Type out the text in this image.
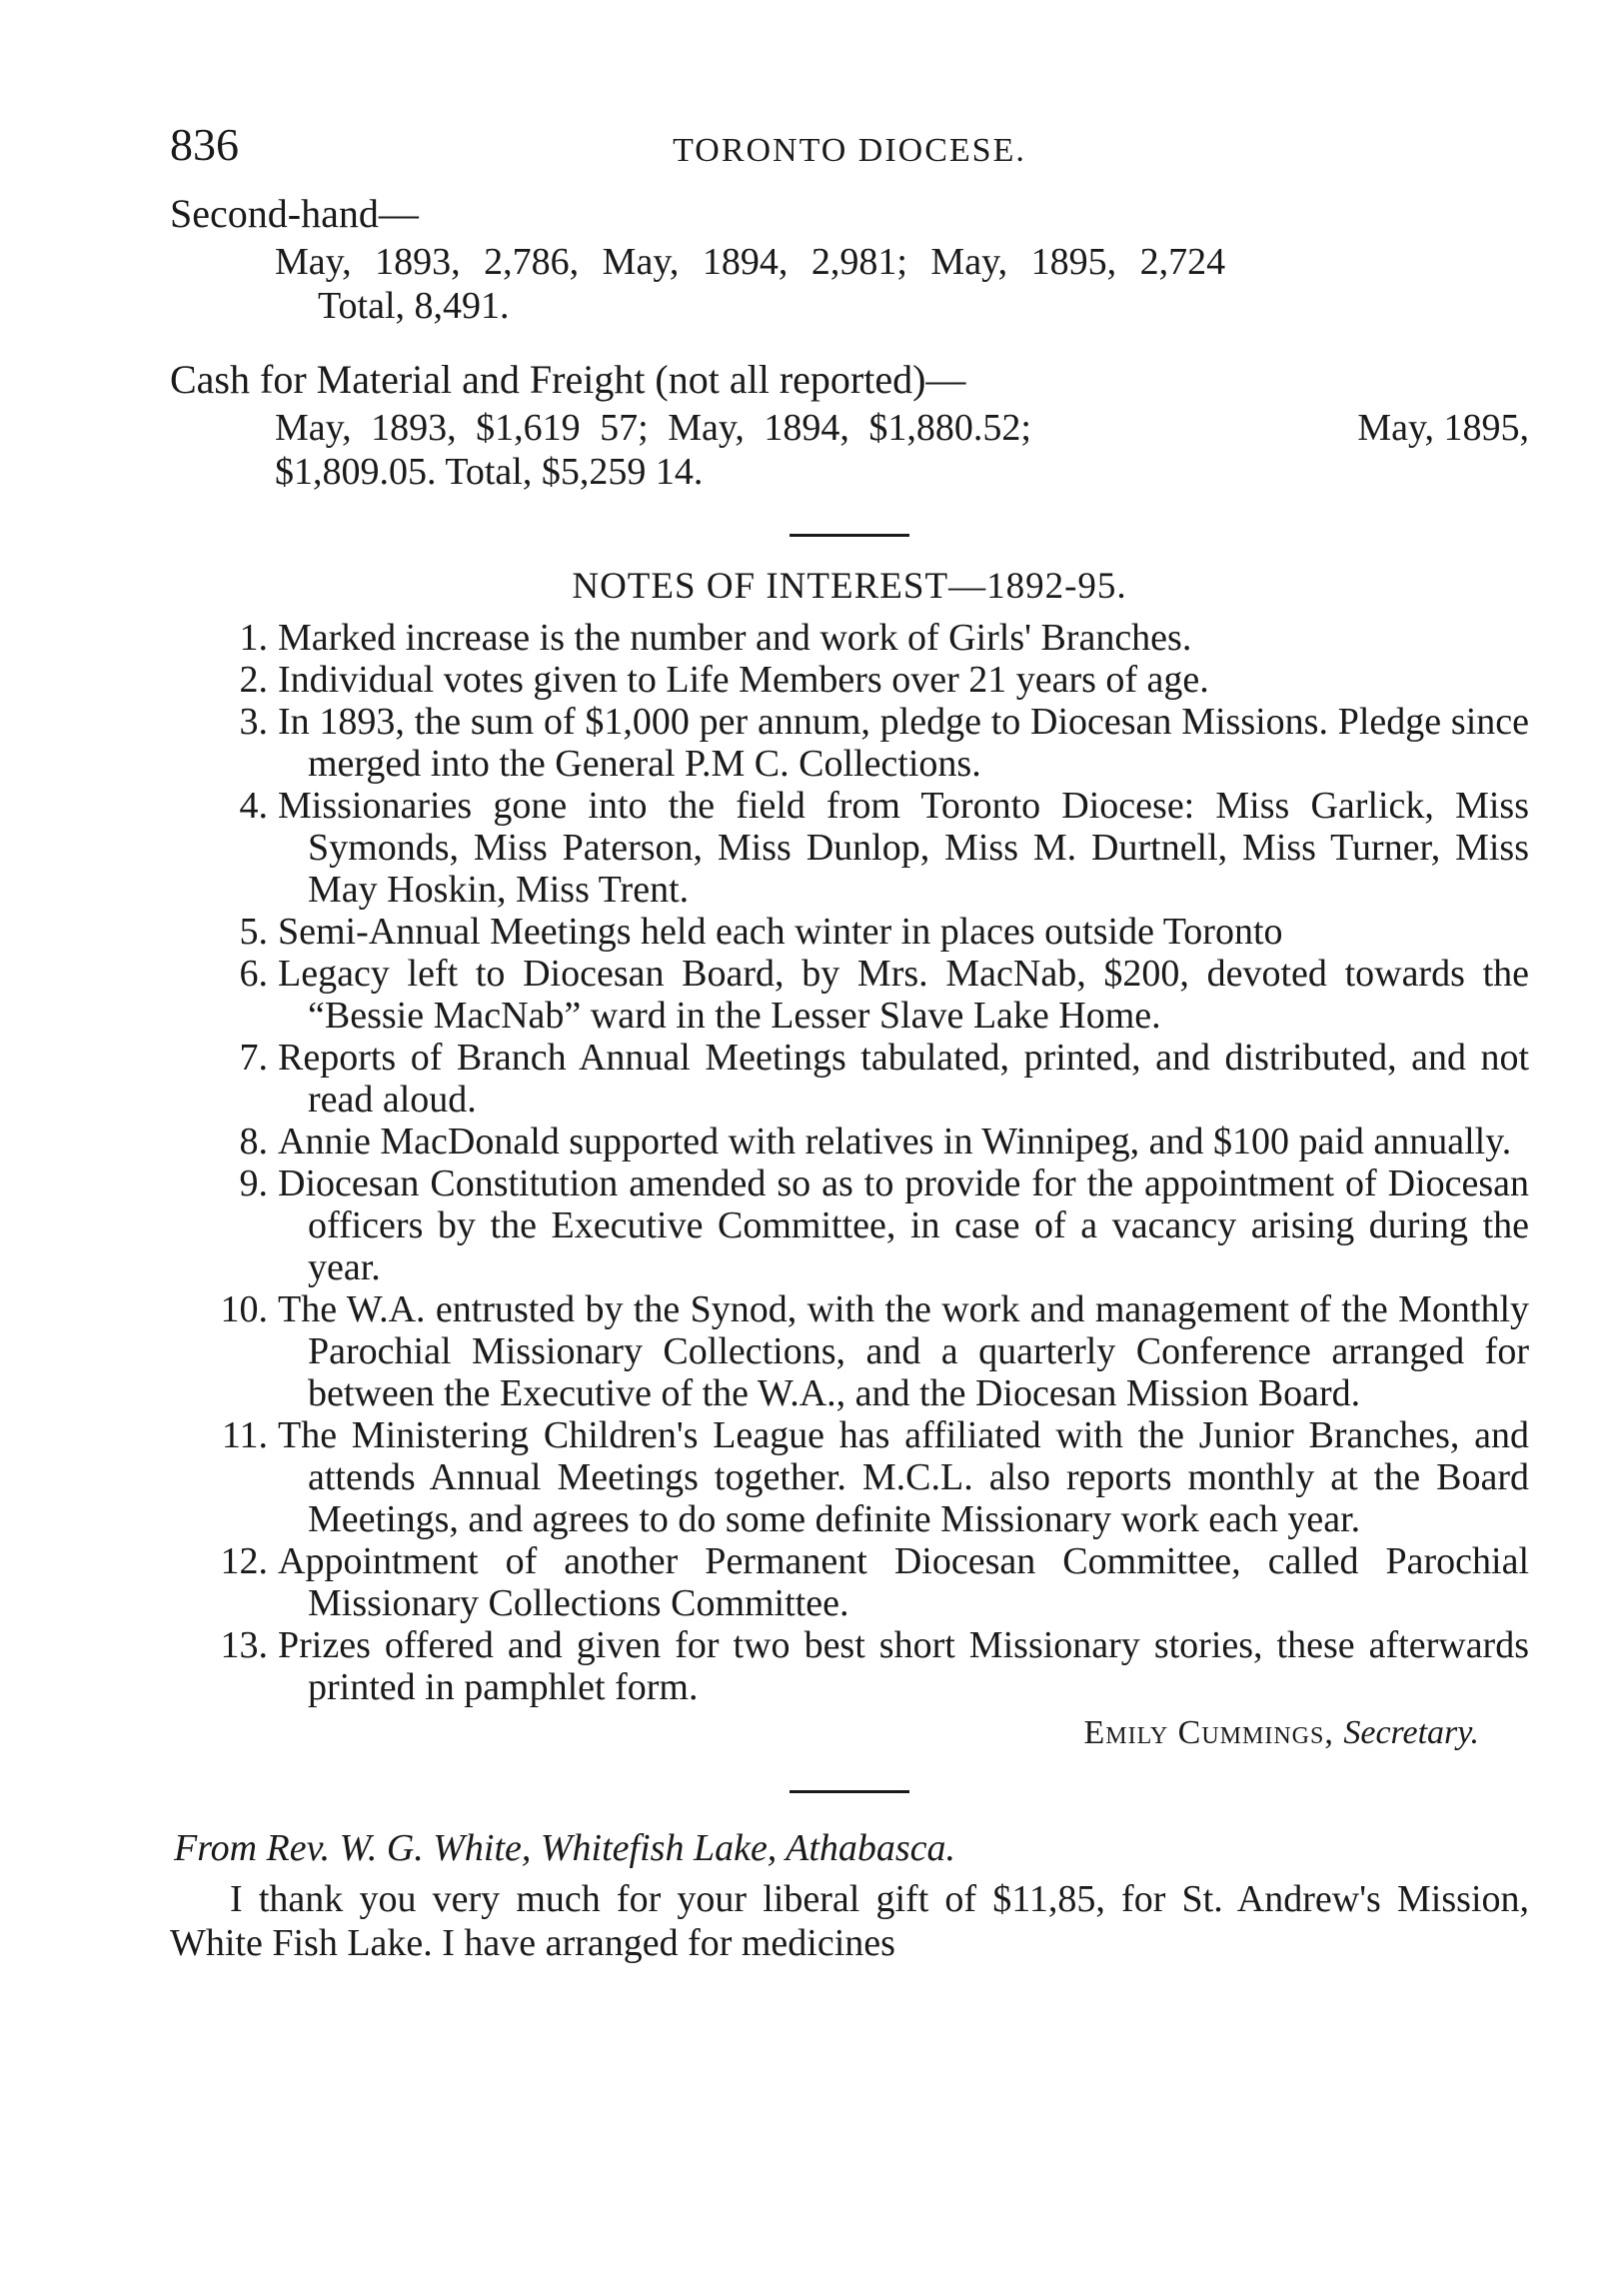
836	TORONTO DIOCESE.
Second-hand—
May, 1893, 2,786, May, 1894, 2,981; May, 1895, 2,724
Total, 8,491.
Cash for Material and Freight (not all reported)—
May, 1893, $1,619 57; May, 1894, $1,880.52;	May, 1895,
$1,809.05. Total, $5,259 14.
NOTES OF INTEREST—1892-95.
1. Marked increase is the number and work of Girls' Branches.
2. Individual votes given to Life Members over 21 years of age.
3. In 1893, the sum of $1,000 per annum, pledge to Diocesan Missions. Pledge since merged into the General P.M C. Collections.
4. Missionaries gone into the field from Toronto Diocese: Miss Garlick, Miss Symonds, Miss Paterson, Miss Dunlop, Miss M. Durtnell, Miss Turner, Miss May Hoskin, Miss Trent.
5. Semi-Annual Meetings held each winter in places outside Toronto
6. Legacy left to Diocesan Board, by Mrs. MacNab, $200, devoted towards the “Bessie MacNab” ward in the Lesser Slave Lake Home.
7. Reports of Branch Annual Meetings tabulated, printed, and distributed, and not read aloud.
8. Annie MacDonald supported with relatives in Winnipeg, and $100 paid annually.
9. Diocesan Constitution amended so as to provide for the appointment of Diocesan officers by the Executive Committee, in case of a vacancy arising during the year.
10. The W.A. entrusted by the Synod, with the work and management of the Monthly Parochial Missionary Collections, and a quarterly Conference arranged for between the Executive of the W.A., and the Diocesan Mission Board.
11. The Ministering Children's League has affiliated with the Junior Branches, and attends Annual Meetings together. M.C.L. also reports monthly at the Board Meetings, and agrees to do some definite Missionary work each year.
12. Appointment of another Permanent Diocesan Committee, called Parochial Missionary Collections Committee.
13. Prizes offered and given for two best short Missionary stories, these afterwards printed in pamphlet form.
Emily Cummings, Secretary.
From Rev. W. G. White, Whitefish Lake, Athabasca.
I thank you very much for your liberal gift of $11,85, for St. Andrew's Mission, White Fish Lake. I have arranged for medicines
